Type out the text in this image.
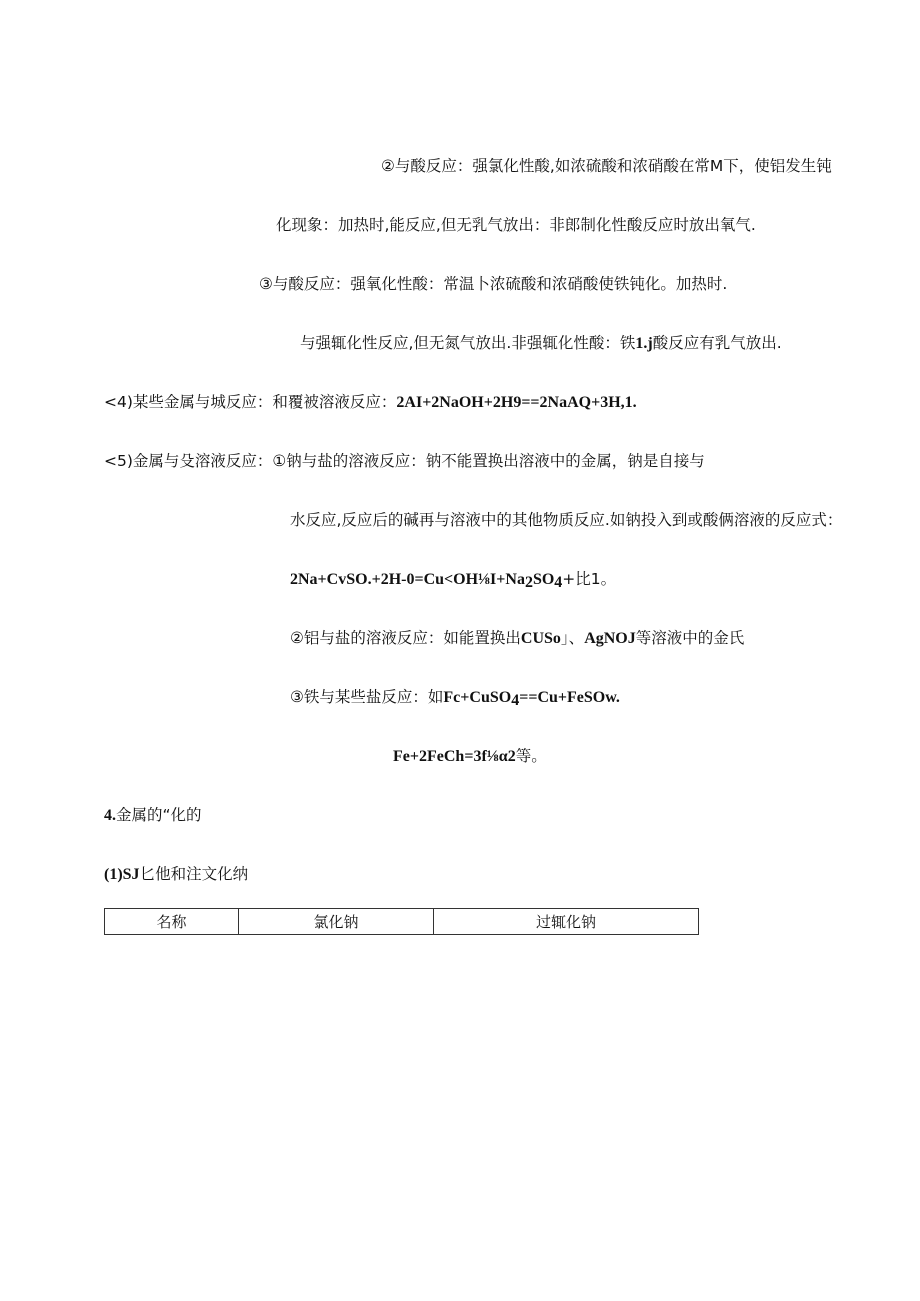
②与酸反应：强氯化性酸,如浓硫酸和浓硝酸在常M下，使铝发生钝
化现象：加热时,能反应,但无乳气放出：非郎制化性酸反应时放出氧气.
③与酸反应：强氧化性酸：常温卜浓硫酸和浓硝酸使铁钝化。加热时.
与强辄化性反应,但无氮气放出.非强辄化性酸：铁1.j酸反应有乳气放出.
<4)某些金属与城反应：和覆被溶液反应：2AI+2NaOH+2H9==2NaAQ+3H,1.
<5)金属与殳溶液反应：①钠与盐的溶液反应：钠不能置换出溶液中的金属，钠是自接与
水反应,反应后的碱再与溶液中的其他物质反应.如钠投入到或酸俩溶液的反应式：
$2Na+CvSO.+2H-0=Cu<OH\frac{1}{8}I+Na_2SO_4+$比1。
②铝与盐的溶液反应：如能置换出CUSo」、AgNOJ等溶液中的金氏
③铁与某些盐反应：如Fc+CuSO$_4$==Cu+FeSOw.
Fe+2FeCh=3f⅛α2等。
4.金属的“化的
(1)SJ匕他和注文化纳
名称	氯化钠	过辄化钠
